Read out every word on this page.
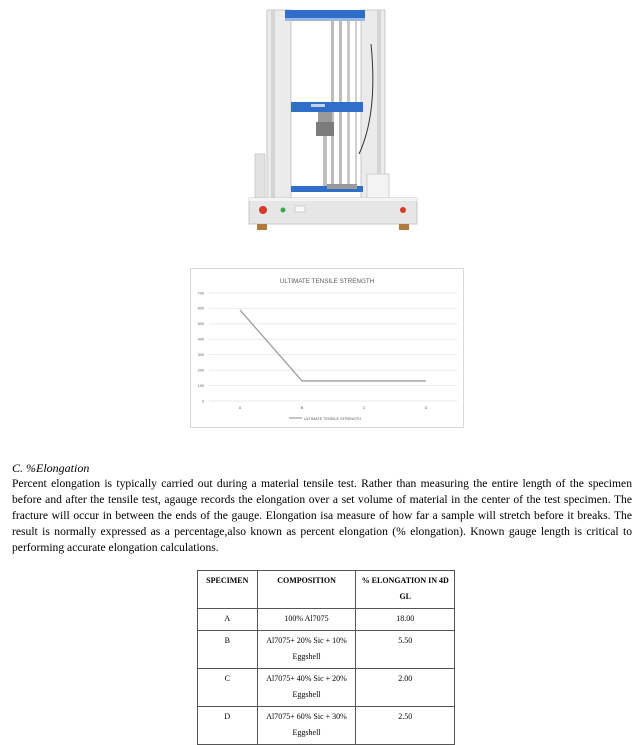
ULTIMATE TENSILE STRENGTH
0
100
200
300
400
500
600
700
A	B	C	D
ULTIMATE TENSILE STRENGTH

C. %Elongation

Percent elongation is typically carried out during a material tensile test. Rather than measuring the entire length of the specimen before and after the tensile test, agauge records the elongation over a set volume of material in the center of the test specimen. The fracture will occur in between the ends of the gauge. Elongation isa measure of how far a sample will stretch before it breaks. The result is normally expressed as a percentage,also known as percent elongation (% elongation). Known gauge length is critical to performing accurate elongation calculations.

SPECIMEN	COMPOSITION	% ELONGATION IN 4D GL
A	100% Al7075	18.00
B	Al7075+ 20% Sic + 10% Eggshell	5.50
C	Al7075+ 40% Sic + 20% Eggshell	2.00
D	Al7075+ 60% Sic + 30% Eggshell	2.50
